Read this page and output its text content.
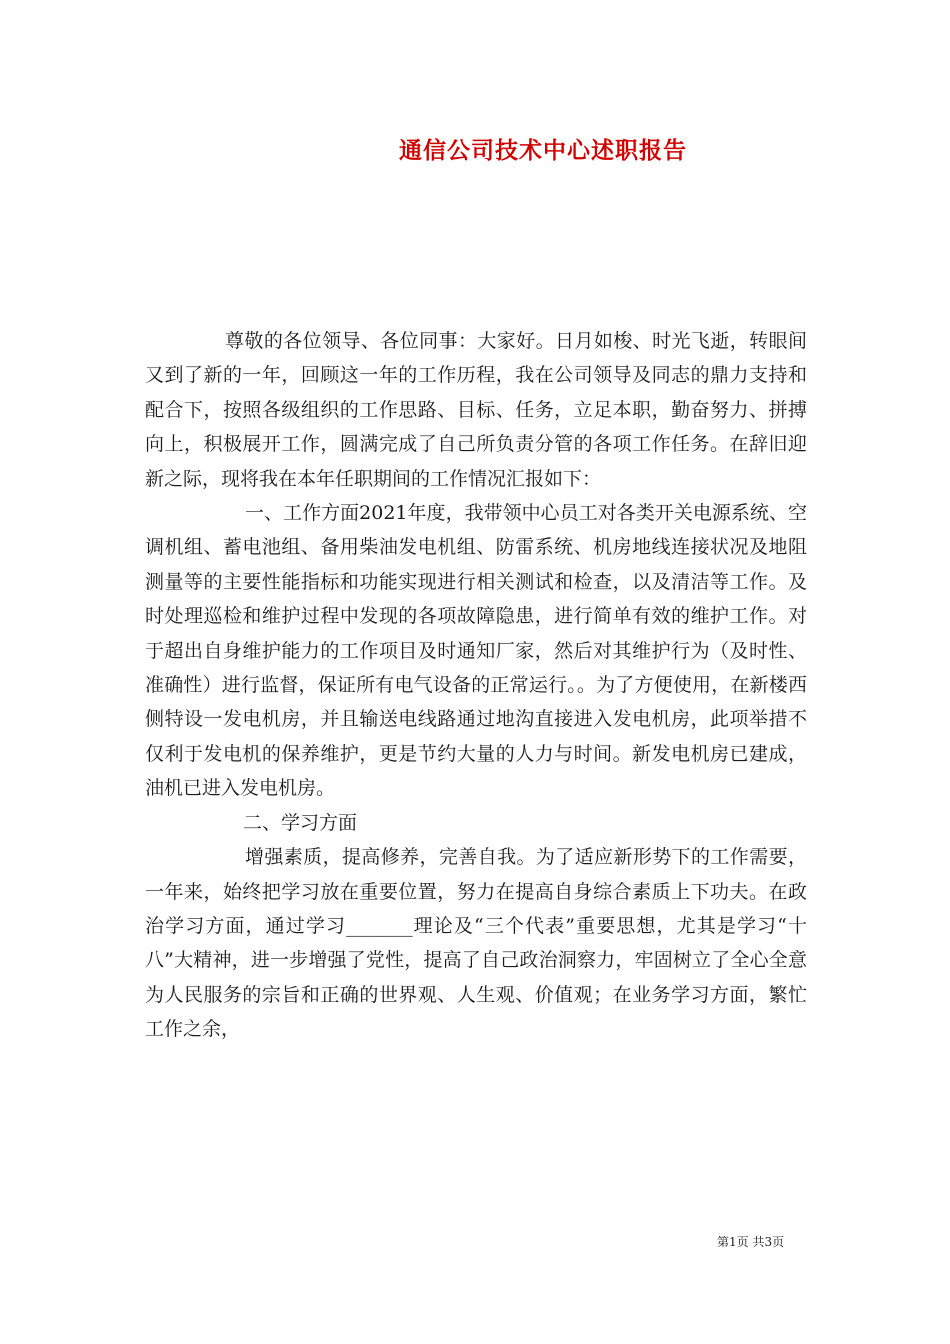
通信公司技术中心述职报告

尊敬的各位领导、各位同事：大家好。日月如梭、时光飞逝，转眼间又到了新的一年，回顾这一年的工作历程，我在公司领导及同志的鼎力支持和配合下，按照各级组织的工作思路、目标、任务，立足本职，勤奋努力、拼搏向上，积极展开工作，圆满完成了自己所负责分管的各项工作任务。在辞旧迎新之际，现将我在本年任职期间的工作情况汇报如下：

一、工作方面2021年度，我带领中心员工对各类开关电源系统、空调机组、蓄电池组、备用柴油发电机组、防雷系统、机房地线连接状况及地阻测量等的主要性能指标和功能实现进行相关测试和检查，以及清洁等工作。及时处理巡检和维护过程中发现的各项故障隐患，进行简单有效的维护工作。对于超出自身维护能力的工作项目及时通知厂家，然后对其维护行为（及时性、准确性）进行监督，保证所有电气设备的正常运行。。为了方便使用，在新楼西侧特设一发电机房，并且输送电线路通过地沟直接进入发电机房，此项举措不仅利于发电机的保养维护，更是节约大量的人力与时间。新发电机房已建成，油机已进入发电机房。

二、学习方面

增强素质，提高修养，完善自我。为了适应新形势下的工作需要，一年来，始终把学习放在重要位置，努力在提高自身综合素质上下功夫。在政治学习方面，通过学习_______理论及“三个代表”重要思想，尤其是学习“十八”大精神，进一步增强了党性，提高了自己政治洞察力，牢固树立了全心全意为人民服务的宗旨和正确的世界观、人生观、价值观；在业务学习方面，繁忙工作之余，

第1页 共3页
